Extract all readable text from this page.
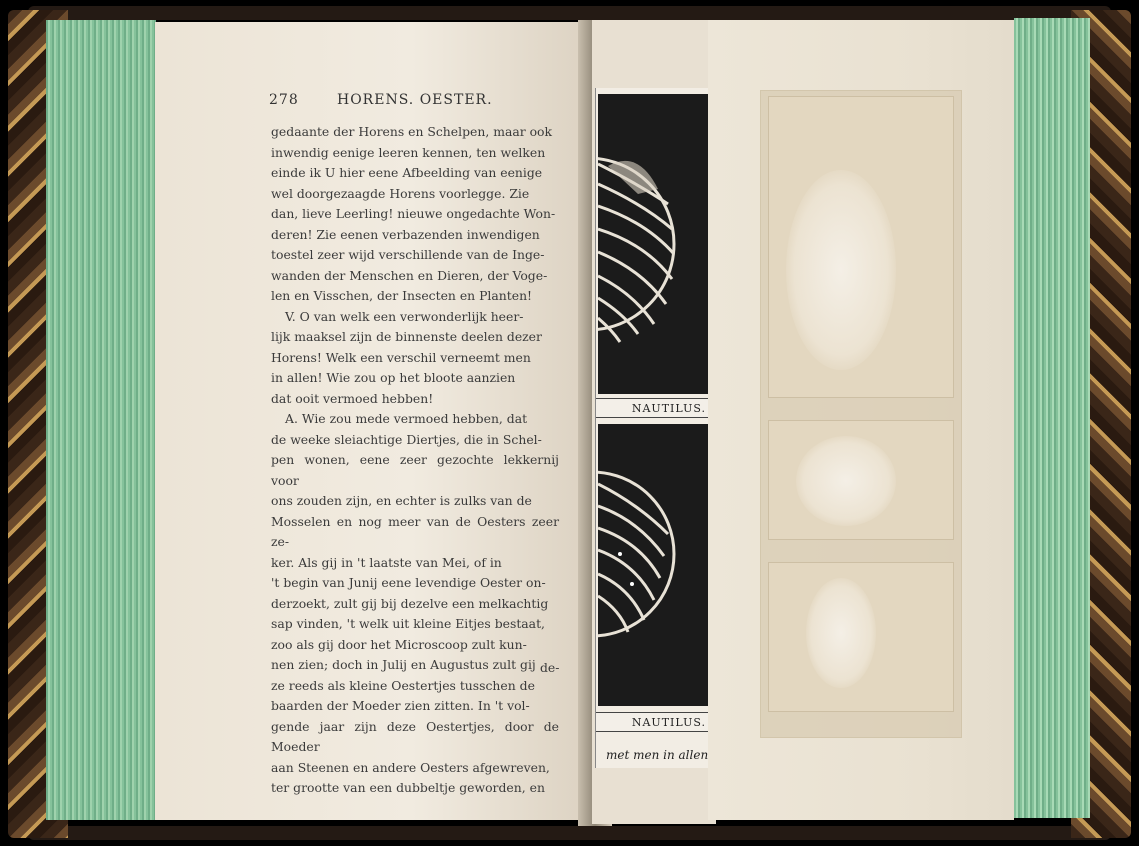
278	HORENS. OESTER.

gedaante der Horens en Schelpen, maar ook

inwendig eenige leeren kennen, ten welken

einde ik U hier eene Afbeelding van eenige

wel doorgezaagde Horens voorlegge. Zie

dan, lieve Leerling! nieuwe ongedachte Won-

deren! Zie eenen verbazenden inwendigen

toestel zeer wijd verschillende van de Inge-

wanden der Menschen en Dieren, der Voge-

len en Visschen, der Insecten en Planten!

V. O van welk een verwonderlijk heer-

lijk maaksel zijn de binnenste deelen dezer

Horens! Welk een verschil verneemt men

in allen! Wie zou op het bloote aanzien

dat ooit vermoed hebben!

A. Wie zou mede vermoed hebben, dat

de weeke sleiachtige Diertjes, die in Schel-

pen wonen, eene zeer gezochte lekkernij voor

ons zouden zijn, en echter is zulks van de

Mosselen en nog meer van de Oesters zeer ze-

ker. Als gij in 't laatste van Mei, of in

't begin van Junij eene levendige Oester on-

derzoekt, zult gij bij dezelve een melkachtig

sap vinden, 't welk uit kleine Eitjes bestaat,

zoo als gij door het Microscoop zult kun-

nen zien; doch in Julij en Augustus zult gij

ze reeds als kleine Oestertjes tusschen de

baarden der Moeder zien zitten. In 't vol-

gende jaar zijn deze Oestertjes, door de Moeder

aan Steenen en andere Oesters afgewreven,

ter grootte van een dubbeltje geworden, en

de-
NAUTILUS.
NAUTILUS.
met men in allen
